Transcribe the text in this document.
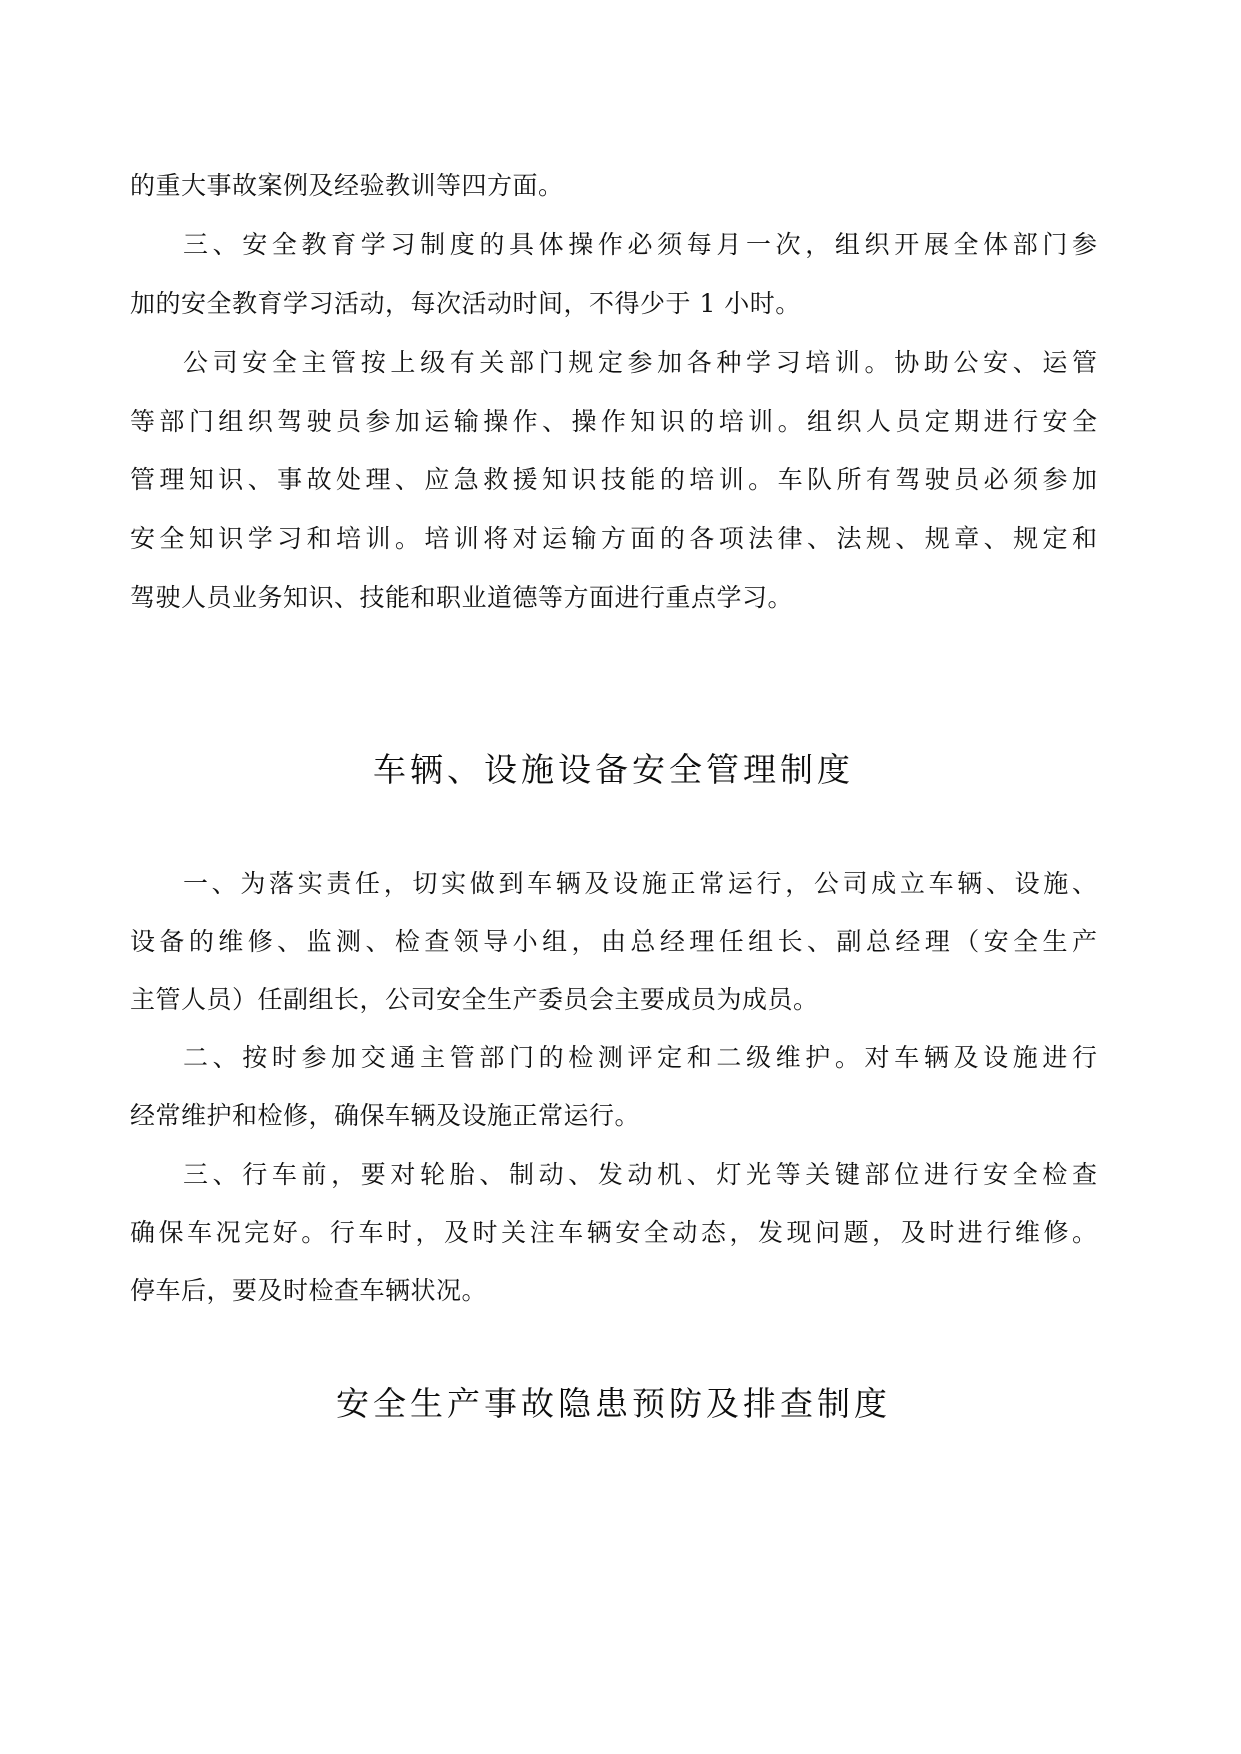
的重大事故案例及经验教训等四方面。
三、安全教育学习制度的具体操作必须每月一次，组织开展全体部门参
加的安全教育学习活动，每次活动时间，不得少于 1 小时。
公司安全主管按上级有关部门规定参加各种学习培训。协助公安、运管
等部门组织驾驶员参加运输操作、操作知识的培训。组织人员定期进行安全
管理知识、事故处理、应急救援知识技能的培训。车队所有驾驶员必须参加
安全知识学习和培训。培训将对运输方面的各项法律、法规、规章、规定和
驾驶人员业务知识、技能和职业道德等方面进行重点学习。
车辆、设施设备安全管理制度
一、为落实责任，切实做到车辆及设施正常运行，公司成立车辆、设施、
设备的维修、监测、检查领导小组，由总经理任组长、副总经理（安全生产
主管人员）任副组长，公司安全生产委员会主要成员为成员。
二、按时参加交通主管部门的检测评定和二级维护。对车辆及设施进行
经常维护和检修，确保车辆及设施正常运行。
三、行车前，要对轮胎、制动、发动机、灯光等关键部位进行安全检查
确保车况完好。行车时，及时关注车辆安全动态，发现问题，及时进行维修。
停车后，要及时检查车辆状况。
安全生产事故隐患预防及排查制度
